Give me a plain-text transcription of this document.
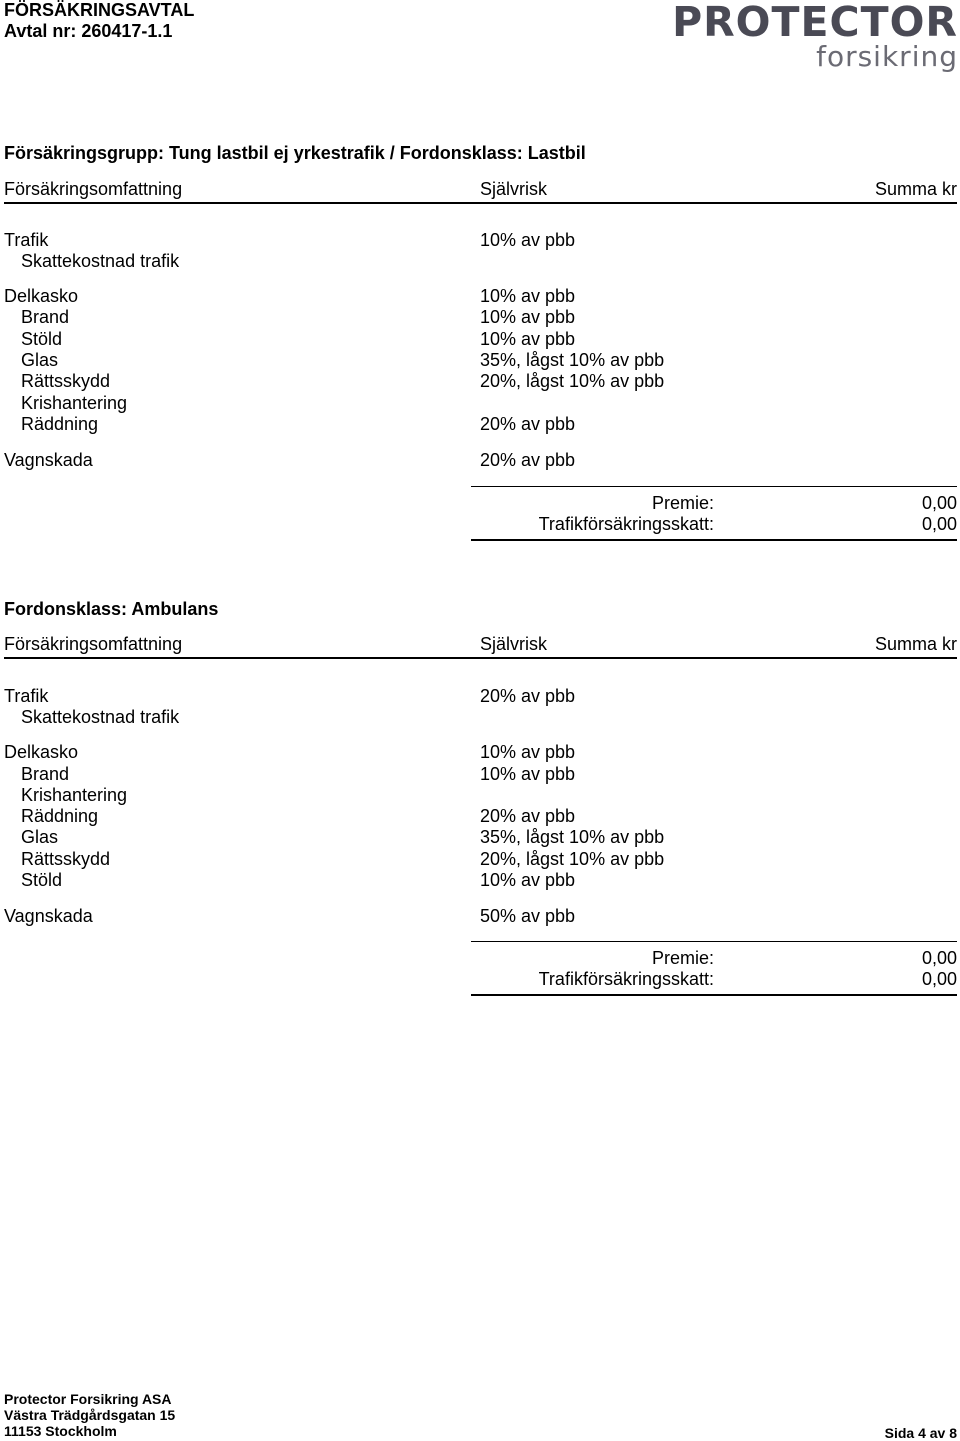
FÖRSÄKRINGSAVTAL
Avtal nr: 260417-1.1	PROTECTOR
forsikring
Försäkringsgrupp: Tung lastbil ej yrkestrafik / Fordonsklass: Lastbil
Försäkringsomfattning	Självrisk	Summa kr
Trafik	10% av pbb
Skattekostnad trafik
Delkasko	10% av pbb
Brand	10% av pbb
Stöld	10% av pbb
Glas	35%, lågst 10% av pbb
Rättsskydd	20%, lågst 10% av pbb
Krishantering
Räddning	20% av pbb
Vagnskada	20% av pbb
Premie:	0,00
Trafikförsäkringsskatt:	0,00
Fordonsklass: Ambulans
Försäkringsomfattning	Självrisk	Summa kr
Trafik	20% av pbb
Skattekostnad trafik
Delkasko	10% av pbb
Brand	10% av pbb
Krishantering
Räddning	20% av pbb
Glas	35%, lågst 10% av pbb
Rättsskydd	20%, lågst 10% av pbb
Stöld	10% av pbb
Vagnskada	50% av pbb
Premie:	0,00
Trafikförsäkringsskatt:	0,00
Protector Forsikring ASA
Västra Trädgårdsgatan 15
11153 Stockholm	Sida 4 av 8
